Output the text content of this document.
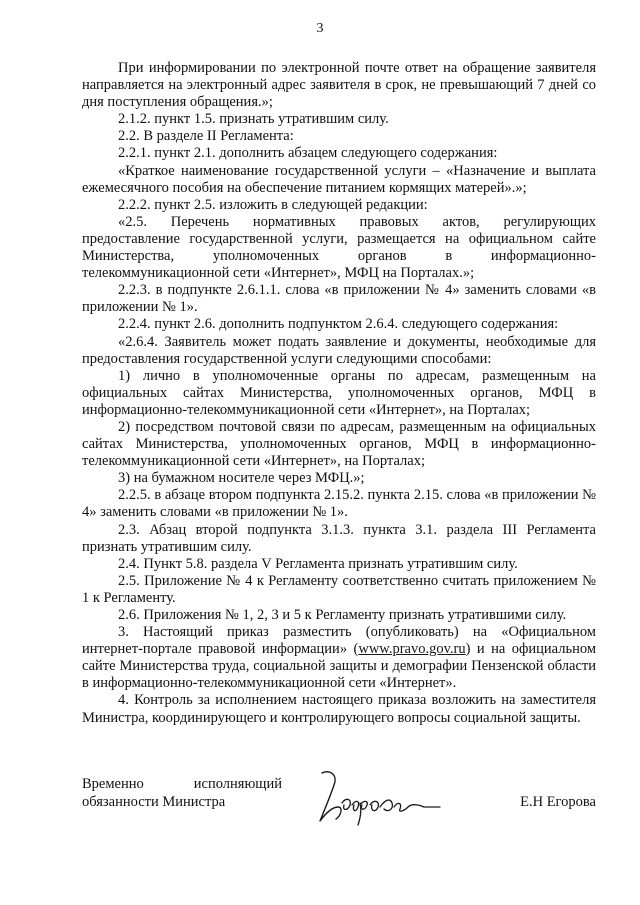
3

При информировании по электронной почте ответ на обращение заявителя направляется на электронный адрес заявителя в срок, не превышающий 7 дней со дня поступления обращения.»;

2.1.2. пункт 1.5. признать утратившим силу.

2.2. В разделе II Регламента:

2.2.1. пункт 2.1. дополнить абзацем следующего содержания:

«Краткое наименование государственной услуги – «Назначение и выплата ежемесячного пособия на обеспечение питанием кормящих матерей».»;

2.2.2. пункт 2.5. изложить в следующей редакции:

«2.5. Перечень нормативных правовых актов, регулирующих предоставление государственной услуги, размещается на официальном сайте Министерства, уполномоченных органов в информационно-телекоммуникационной сети «Интернет», МФЦ на Порталах.»;

2.2.3. в подпункте 2.6.1.1. слова «в приложении № 4» заменить словами «в приложении № 1».

2.2.4. пункт 2.6. дополнить подпунктом 2.6.4. следующего содержания:

«2.6.4. Заявитель может подать заявление и документы, необходимые для предоставления государственной услуги следующими способами:

1) лично в уполномоченные органы по адресам, размещенным на официальных сайтах Министерства, уполномоченных органов, МФЦ в информационно-телекоммуникационной сети «Интернет», на Порталах;

2) посредством почтовой связи по адресам, размещенным на официальных сайтах Министерства, уполномоченных органов, МФЦ в информационно-телекоммуникационной сети «Интернет», на Порталах;

3) на бумажном носителе через МФЦ.»;

2.2.5. в абзаце втором подпункта 2.15.2. пункта 2.15. слова «в приложении № 4» заменить словами «в приложении № 1».

2.3. Абзац второй подпункта 3.1.3. пункта 3.1. раздела III Регламента признать утратившим силу.

2.4. Пункт 5.8. раздела V Регламента признать утратившим силу.

2.5. Приложение № 4 к Регламенту соответственно считать приложением № 1 к Регламенту.

2.6. Приложения № 1, 2, 3 и 5 к Регламенту признать утратившими силу.

3. Настоящий приказ разместить (опубликовать) на «Официальном интернет-портале правовой информации» (www.pravo.gov.ru) и на официальном сайте Министерства труда, социальной защиты и демографии Пензенской области в информационно-телекоммуникационной сети «Интернет».

4. Контроль за исполнением настоящего приказа возложить на заместителя Министра, координирующего и контролирующего вопросы социальной защиты.

Временно	исполняющий
обязанности Министра	Е.Н Егорова
